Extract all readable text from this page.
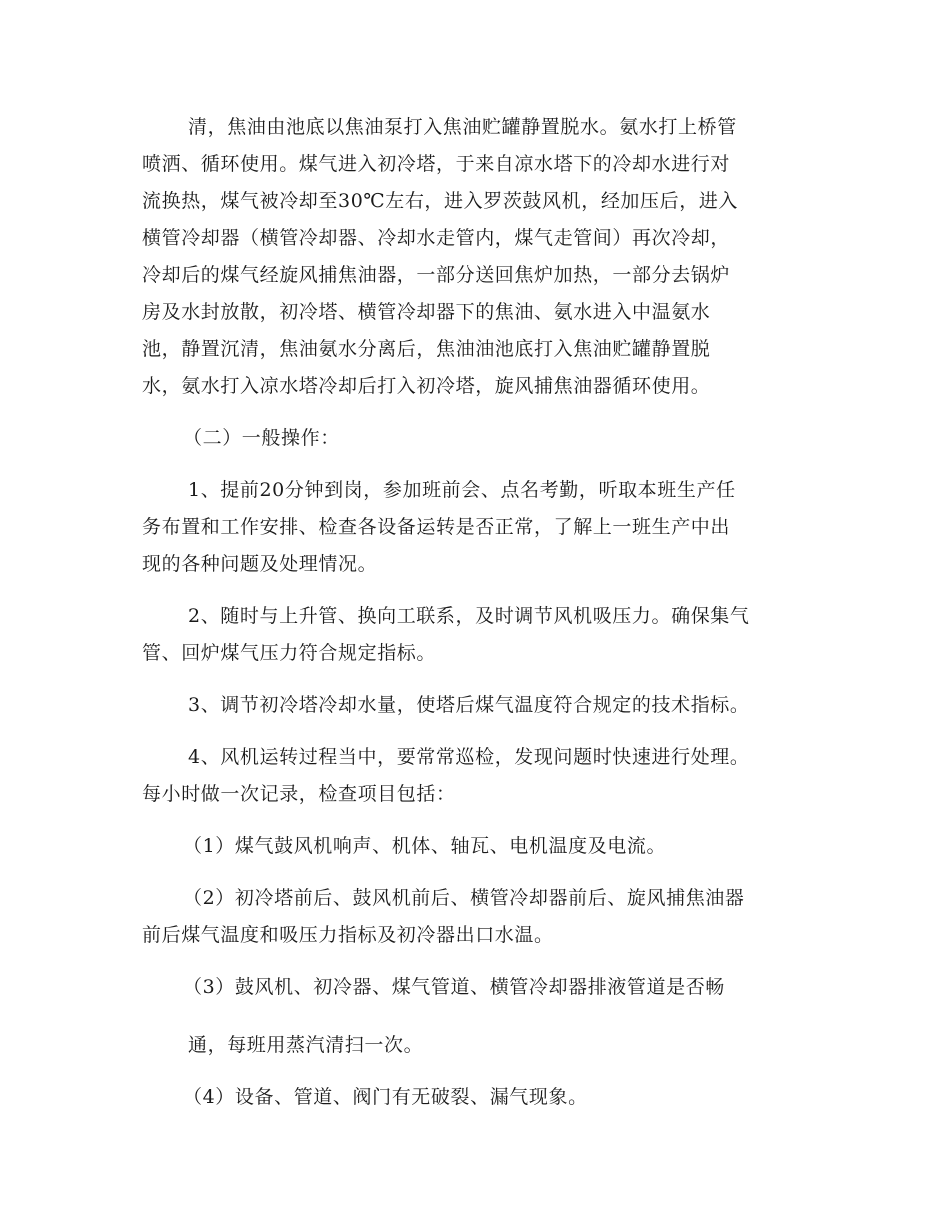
清，焦油由池底以焦油泵打入焦油贮罐静置脱水。氨水打上桥管
喷洒、循环使用。煤气进入初冷塔，于来自凉水塔下的冷却水进行对
流换热，煤气被冷却至30℃左右，进入罗茨鼓风机，经加压后，进入
横管冷却器（横管冷却器、冷却水走管内，煤气走管间）再次冷却，
冷却后的煤气经旋风捕焦油器，一部分送回焦炉加热，一部分去锅炉
房及水封放散，初冷塔、横管冷却器下的焦油、氨水进入中温氨水
池，静置沉清，焦油氨水分离后，焦油油池底打入焦油贮罐静置脱
水，氨水打入凉水塔冷却后打入初冷塔，旋风捕焦油器循环使用。
（二）一般操作：
1、提前20分钟到岗，参加班前会、点名考勤，听取本班生产任
务布置和工作安排、检查各设备运转是否正常，了解上一班生产中出
现的各种问题及处理情况。
2、随时与上升管、换向工联系，及时调节风机吸压力。确保集气
管、回炉煤气压力符合规定指标。
3、调节初冷塔冷却水量，使塔后煤气温度符合规定的技术指标。
4、风机运转过程当中，要常常巡检，发现问题时快速进行处理。
每小时做一次记录，检查项目包括：
（1）煤气鼓风机响声、机体、轴瓦、电机温度及电流。
（2）初冷塔前后、鼓风机前后、横管冷却器前后、旋风捕焦油器
前后煤气温度和吸压力指标及初冷器出口水温。
（3）鼓风机、初冷器、煤气管道、横管冷却器排液管道是否畅
通，每班用蒸汽清扫一次。
（4）设备、管道、阀门有无破裂、漏气现象。
